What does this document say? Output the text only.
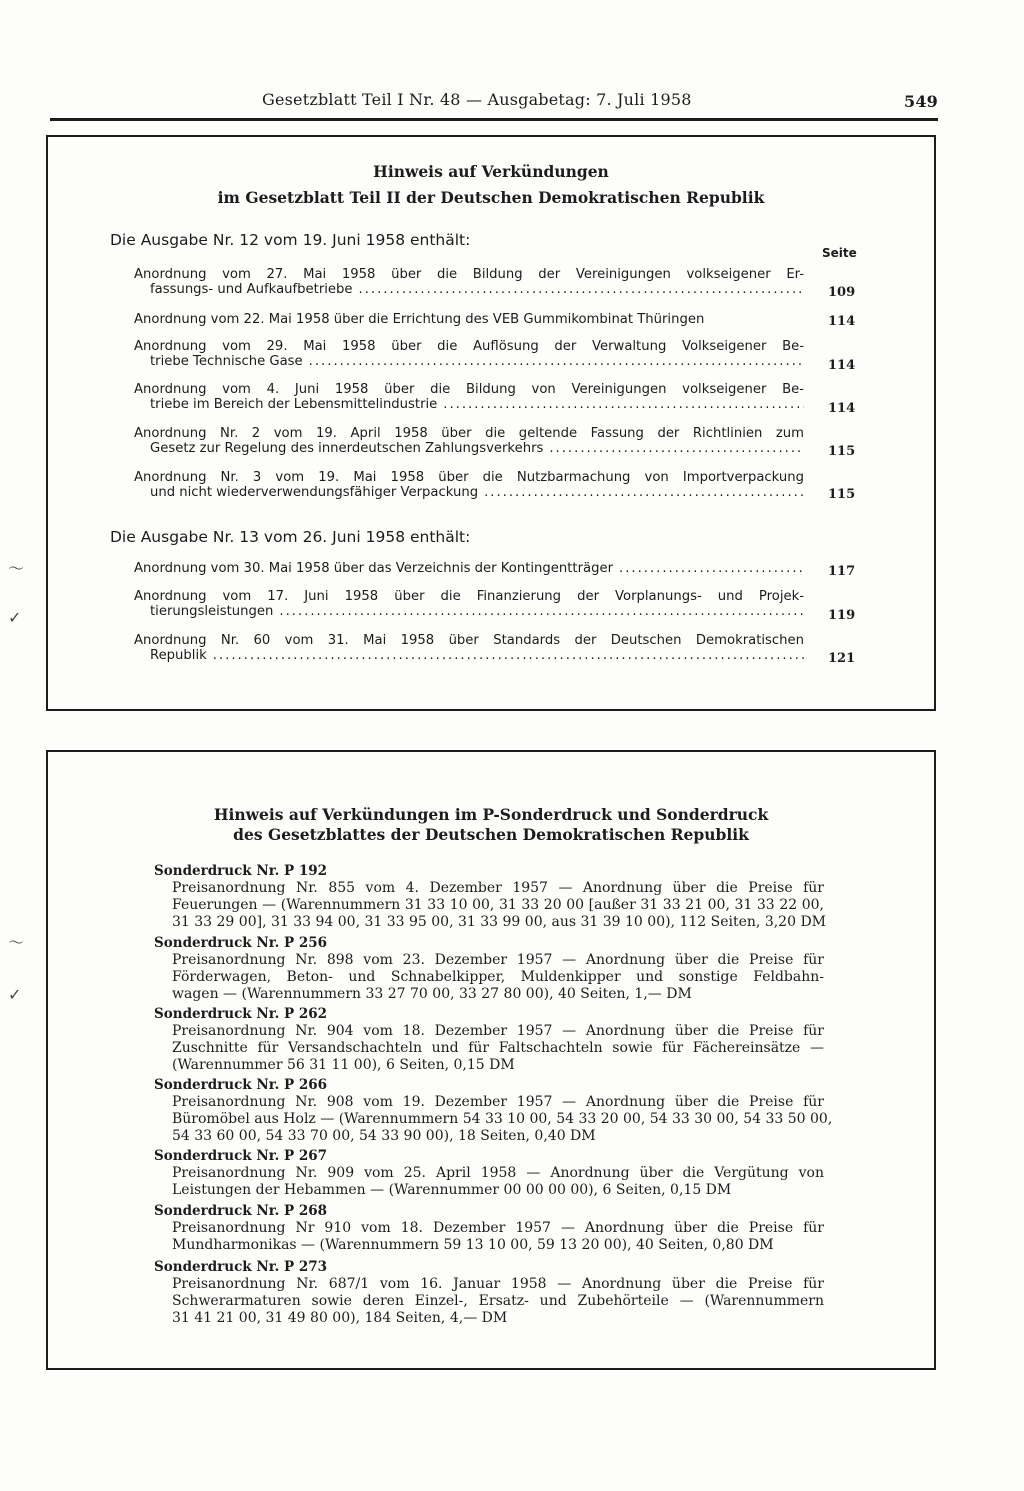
Gesetzblatt Teil I Nr. 48 — Ausgabetag: 7. Juli 1958	549
Hinweis auf Verkündungen
im Gesetzblatt Teil II der Deutschen Demokratischen Republik
Die Ausgabe Nr. 12 vom 19. Juni 1958 enthält:
Seite
Anordnung vom 27. Mai 1958 über die Bildung der Vereinigungen volkseigener Er-
fassungs- und Aufkaufbetriebe .....	109
Anordnung vom 22. Mai 1958 über die Errichtung des VEB Gummikombinat Thüringen	114
Anordnung vom 29. Mai 1958 über die Auflösung der Verwaltung Volkseigener Be-
triebe Technische Gase .....	114
Anordnung vom 4. Juni 1958 über die Bildung von Vereinigungen volkseigener Be-
triebe im Bereich der Lebensmittelindustrie .....	114
Anordnung Nr. 2 vom 19. April 1958 über die geltende Fassung der Richtlinien zum
Gesetz zur Regelung des innerdeutschen Zahlungsverkehrs .....	115
Anordnung Nr. 3 vom 19. Mai 1958 über die Nutzbarmachung von Importverpackung
und nicht wiederverwendungsfähiger Verpackung .....	115
Die Ausgabe Nr. 13 vom 26. Juni 1958 enthält:
Anordnung vom 30. Mai 1958 über das Verzeichnis der Kontingentträger .....	117
Anordnung vom 17. Juni 1958 über die Finanzierung der Vorplanungs- und Projek-
tierungsleistungen .....	119
Anordnung Nr. 60 vom 31. Mai 1958 über Standards der Deutschen Demokratischen
Republik .....	121
Hinweis auf Verkündungen im P-Sonderdruck und Sonderdruck
des Gesetzblattes der Deutschen Demokratischen Republik
Sonderdruck Nr. P 192
Preisanordnung Nr. 855 vom 4. Dezember 1957 — Anordnung über die Preise für
Feuerungen — (Warennummern 31 33 10 00, 31 33 20 00 [außer 31 33 21 00, 31 33 22 00,
31 33 29 00], 31 33 94 00, 31 33 95 00, 31 33 99 00, aus 31 39 10 00), 112 Seiten, 3,20 DM
Sonderdruck Nr. P 256
Preisanordnung Nr. 898 vom 23. Dezember 1957 — Anordnung über die Preise für
Förderwagen, Beton- und Schnabelkipper, Muldenkipper und sonstige Feldbahn-
wagen — (Warennummern 33 27 70 00, 33 27 80 00), 40 Seiten, 1,— DM
Sonderdruck Nr. P 262
Preisanordnung Nr. 904 vom 18. Dezember 1957 — Anordnung über die Preise für
Zuschnitte für Versandschachteln und für Faltschachteln sowie für Fächereinsätze —
(Warennummer 56 31 11 00), 6 Seiten, 0,15 DM
Sonderdruck Nr. P 266
Preisanordnung Nr. 908 vom 19. Dezember 1957 — Anordnung über die Preise für
Büromöbel aus Holz — (Warennummern 54 33 10 00, 54 33 20 00, 54 33 30 00, 54 33 50 00,
54 33 60 00, 54 33 70 00, 54 33 90 00), 18 Seiten, 0,40 DM
Sonderdruck Nr. P 267
Preisanordnung Nr. 909 vom 25. April 1958 — Anordnung über die Vergütung von
Leistungen der Hebammen — (Warennummer 00 00 00 00), 6 Seiten, 0,15 DM
Sonderdruck Nr. P 268
Preisanordnung Nr 910 vom 18. Dezember 1957 — Anordnung über die Preise für
Mundharmonikas — (Warennummern 59 13 10 00, 59 13 20 00), 40 Seiten, 0,80 DM
Sonderdruck Nr. P 273
Preisanordnung Nr. 687/1 vom 16. Januar 1958 — Anordnung über die Preise für
Schwerarmaturen sowie deren Einzel-, Ersatz- und Zubehörteile — (Warennummern
31 41 21 00, 31 49 80 00), 184 Seiten, 4,— DM
〜
✓
〜
✓
